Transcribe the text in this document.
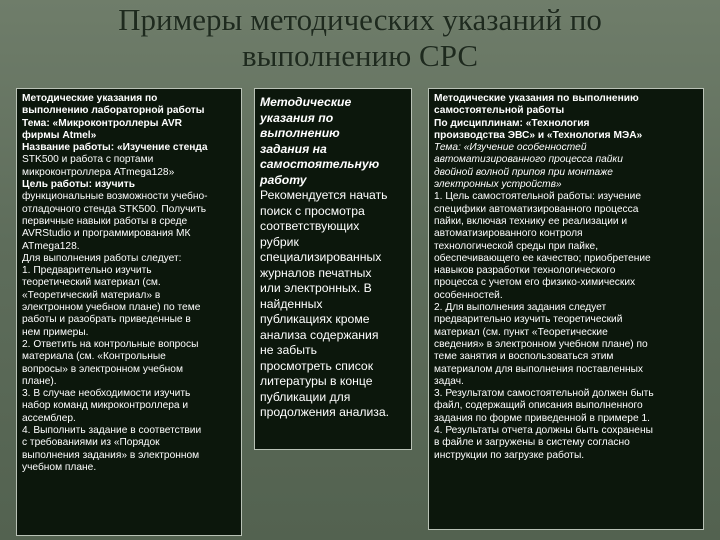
Примеры методических указаний по
выполнению СРС
Методические указания по
выполнению лабораторной работы
Тема: «Микроконтроллеры AVR
фирмы Atmel»
Название работы: «Изучение стенда
STK500 и работа с портами
микроконтроллера ATmega128»
Цель работы: изучить
функциональные возможности учебно-
отладочного стенда STK500. Получить
первичные навыки работы в среде
AVRStudio и программирования МК
ATmega128.
Для выполнения работы следует:
1. Предварительно изучить
теоретический материал (см.
«Теоретический материал» в
электронном учебном плане) по теме
работы и разобрать приведенные в
нем примеры.
2. Ответить на контрольные вопросы
материала (см. «Контрольные
вопросы» в электронном учебном
плане).
3. В случае необходимости изучить
набор команд микроконтроллера и
ассемблер.
4. Выполнить задание в соответствии
с требованиями из «Порядок
выполнения задания» в электронном
учебном плане.
Методические
указания по
выполнению
задания на
самостоятельную
работу
Рекомендуется начать
поиск с просмотра
соответствующих
рубрик
специализированных
журналов печатных
или электронных. В
найденных
публикациях кроме
анализа содержания
не забыть
просмотреть список
литературы в конце
публикации для
продолжения анализа.
Методические указания по выполнению
самостоятельной работы
По дисциплинам: «Технология
производства ЭВС» и «Технология МЭА»
Тема: «Изучение особенностей
автоматизированного процесса пайки
двойной волной припоя при монтаже
электронных устройств»
1. Цель самостоятельной работы: изучение
специфики автоматизированного процесса
пайки, включая технику ее реализации и
автоматизированного контроля
технологической среды при пайке,
обеспечивающего ее качество; приобретение
навыков разработки технологического
процесса с учетом его физико-химических
особенностей.
2. Для выполнения задания следует
предварительно изучить теоретический
материал (см. пункт «Теоретические
сведения» в электронном учебном плане) по
теме занятия и воспользоваться этим
материалом для выполнения поставленных
задач.
3. Результатом самостоятельной должен быть
файл, содержащий описания выполненного
задания по форме приведенной в примере 1.
4. Результаты отчета должны быть сохранены
в файле и загружены в систему согласно
инструкции по загрузке работы.
